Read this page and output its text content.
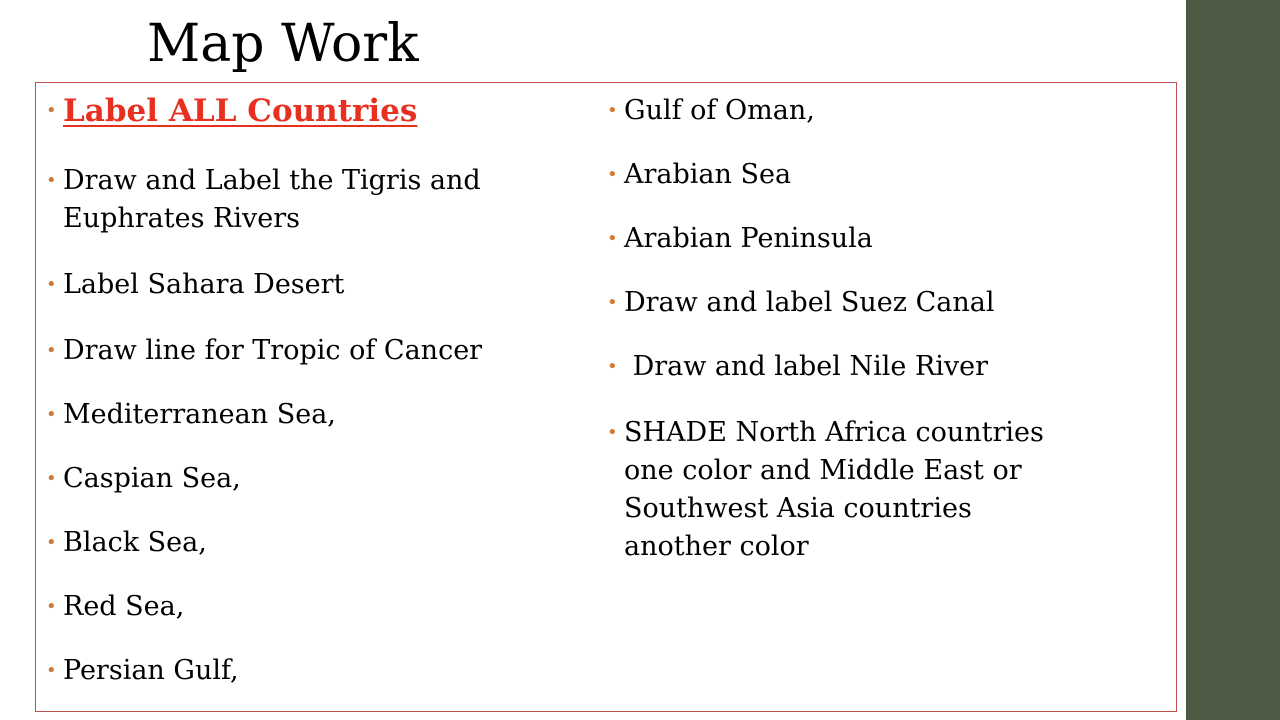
Map Work
• Label ALL Countries
• Draw and Label the Tigris and
Euphrates Rivers
• Label Sahara Desert
• Draw line for Tropic of Cancer
• Mediterranean Sea,
• Caspian Sea,
• Black Sea,
• Red Sea,
• Persian Gulf,
• Gulf of Oman,
• Arabian Sea
• Arabian Peninsula
• Draw and label Suez Canal
• Draw and label Nile River
• SHADE North Africa countries
one color and Middle East or
Southwest Asia countries
another color
